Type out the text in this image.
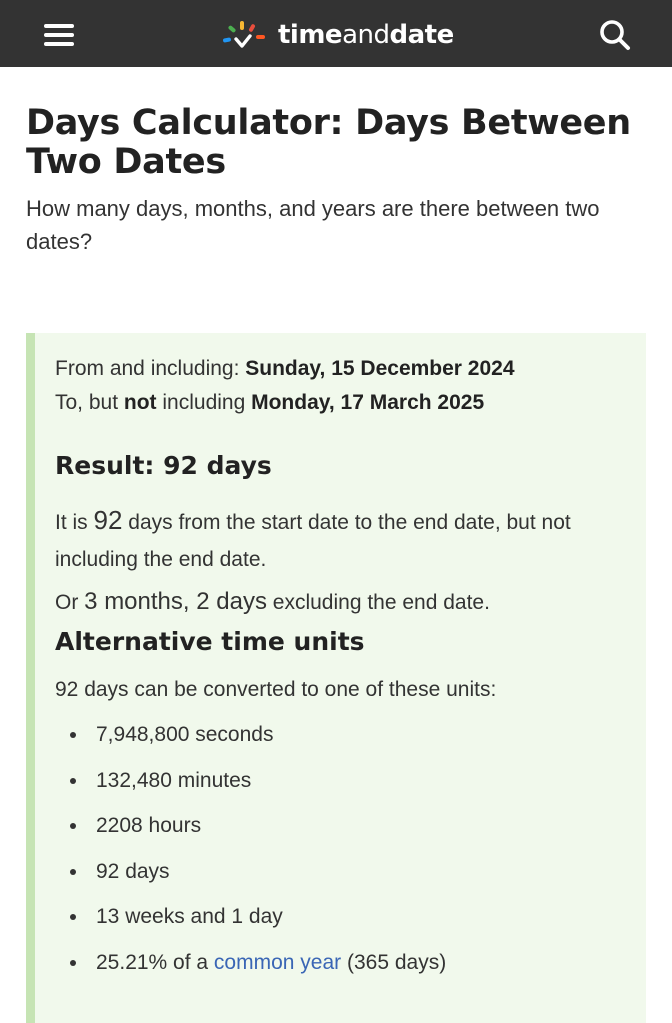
timeanddate
Days Calculator: Days Between Two Dates

How many days, months, and years are there between two dates?

From and including: Sunday, 15 December 2024
To, but not including Monday, 17 March 2025
Result: 92 days

It is 92 days from the start date to the end date, but not including the end date.

Or 3 months, 2 days excluding the end date.

Alternative time units

92 days can be converted to one of these units:

7,948,800 seconds
132,480 minutes
2208 hours
92 days
13 weeks and 1 day
25.21% of a common year (365 days)
